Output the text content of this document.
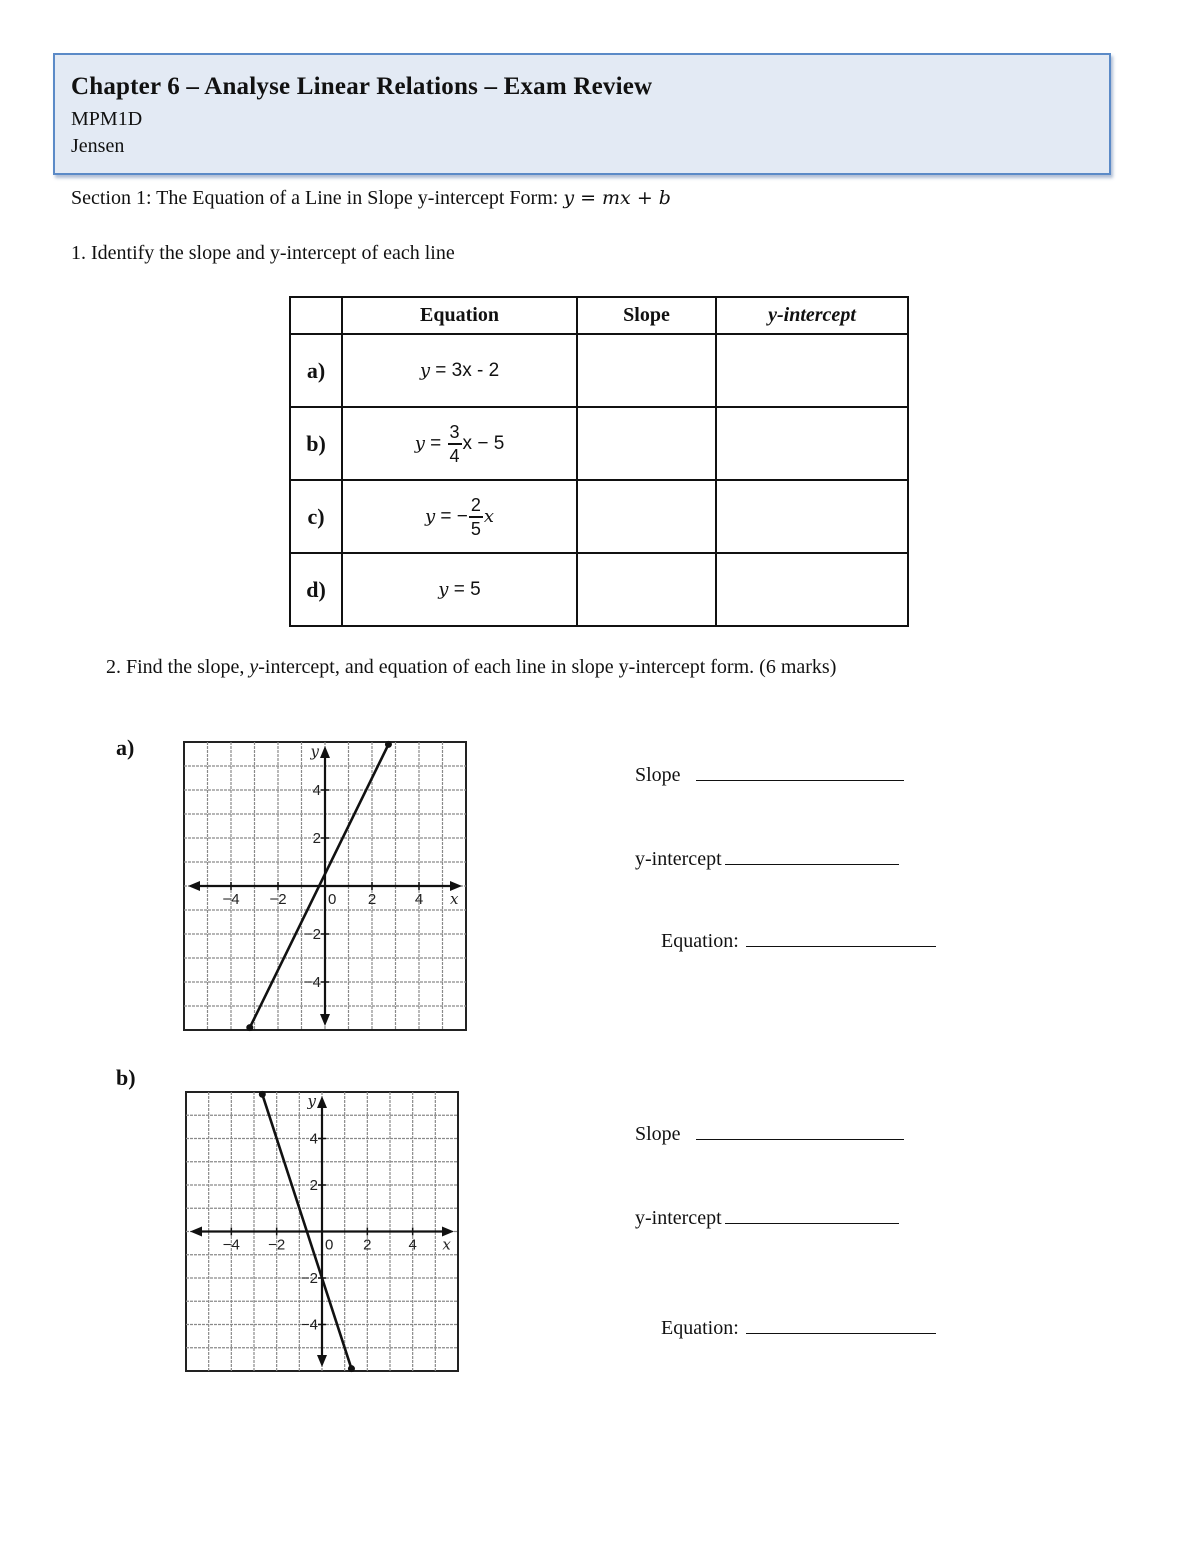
Chapter 6 – Analyse Linear Relations – Exam Review
MPM1D
Jensen
Section 1: The Equation of a Line in Slope y-intercept Form: y = mx + b
1. Identify the slope and y-intercept of each line
	Equation	Slope	y-intercept
a)	y = 3x - 2		
b)	$y = \frac{3}{4}$ x − 5		
c)	y = − $\frac{2}{5}$ x		
d)	y = 5		
2. Find the slope, y-intercept, and equation of each line in slope y-intercept form. (6 marks)
a)
−4 −2	0 2	4
4
2
−2
−4
x
y
Slope
y-intercept
Equation:
b)
−4 −2	0 2 4
4
2
−2
−4
x
y
Slope
y-intercept
Equation:
